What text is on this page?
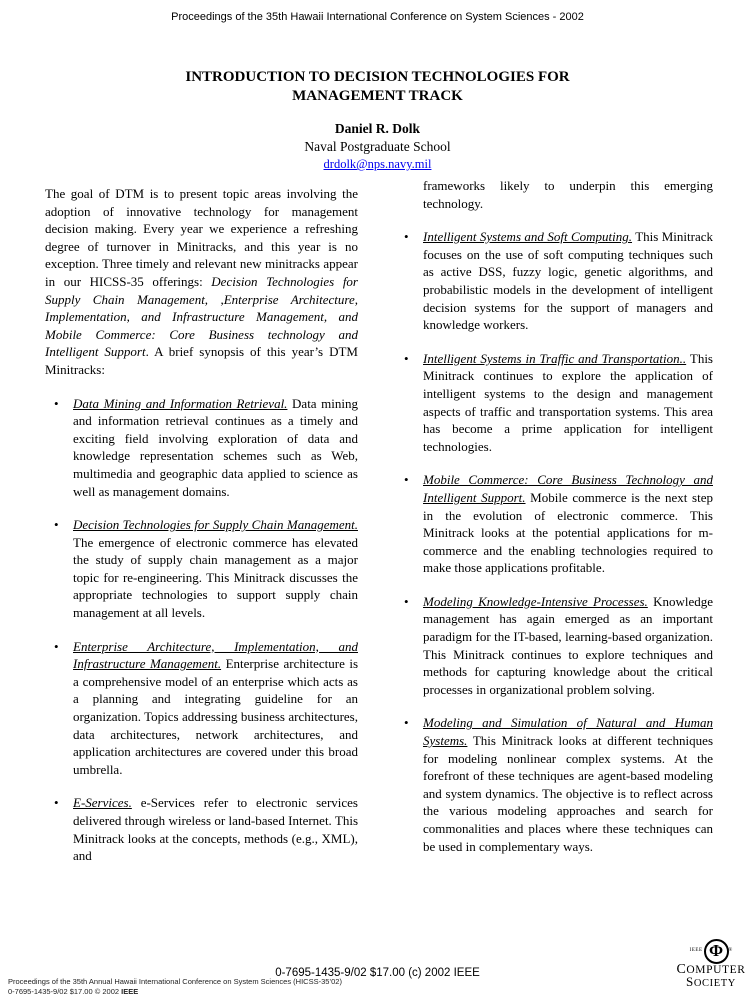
Proceedings of the 35th Hawaii International Conference on System Sciences - 2002
INTRODUCTION TO DECISION TECHNOLOGIES FOR
MANAGEMENT TRACK
Daniel R. Dolk
Naval Postgraduate School
drdolk@nps.navy.mil

The goal of DTM is to present topic areas involving the adoption of innovative technology for management decision making. Every year we experience a refreshing degree of turnover in Minitracks, and this year is no exception. Three timely and relevant new minitracks appear in our HICSS-35 offerings: Decision Technologies for Supply Chain Management, ,Enterprise Architecture, Implementation, and Infrastructure Management, and Mobile Commerce: Core Business technology and Intelligent Support. A brief synopsis of this year’s DTM Minitracks:

• Data Mining and Information Retrieval. Data mining and information retrieval continues as a timely and exciting field involving exploration of data and knowledge representation schemes such as Web, multimedia and geographic data applied to science as well as management domains.
• Decision Technologies for Supply Chain Management. The emergence of electronic commerce has elevated the study of supply chain management as a major topic for re-engineering. This Minitrack discusses the appropriate technologies to support supply chain management at all levels.
• Enterprise Architecture, Implementation, and Infrastructure Management. Enterprise architecture is a comprehensive model of an enterprise which acts as a planning and integrating guideline for an organization. Topics addressing business architectures, data architectures, network architectures, and application architectures are covered under this broad umbrella.
• E-Services. e-Services refer to electronic services delivered through wireless or land-based Internet. This Minitrack looks at the concepts, methods (e.g., XML), and

frameworks likely to underpin this emerging technology.

• Intelligent Systems and Soft Computing. This Minitrack focuses on the use of soft computing techniques such as active DSS, fuzzy logic, genetic algorithms, and probabilistic models in the development of intelligent decision systems for the support of managers and knowledge workers.
• Intelligent Systems in Traffic and Transportation.. This Minitrack continues to explore the application of intelligent systems to the design and management aspects of traffic and transportation systems. This area has become a prime application for intelligent technologies.
• Mobile Commerce: Core Business Technology and Intelligent Support. Mobile commerce is the next step in the evolution of electronic commerce. This Minitrack looks at the potential applications for m-commerce and the enabling technologies required to make those applications profitable.
• Modeling Knowledge-Intensive Processes. Knowledge management has again emerged as an important paradigm for the IT-based, learning-based organization. This Minitrack continues to explore techniques and methods for capturing knowledge about the critical processes in organizational problem solving.
• Modeling and Simulation of Natural and Human Systems. This Minitrack looks at different techniques for modeling nonlinear complex systems. At the forefront of these techniques are agent-based modeling and system dynamics. The objective is to reflect across the various modeling approaches and search for commonalities and places where these techniques can be used in complementary ways.
0-7695-1435-9/02 $17.00 (c) 2002 IEEE
Proceedings of the 35th Annual Hawaii International Conference on System Sciences (HICSS-35’02)
0-7695-1435-9/02 $17.00 © 2002 IEEE
IEEE Φ ®
COMPUTER
SOCIETY
